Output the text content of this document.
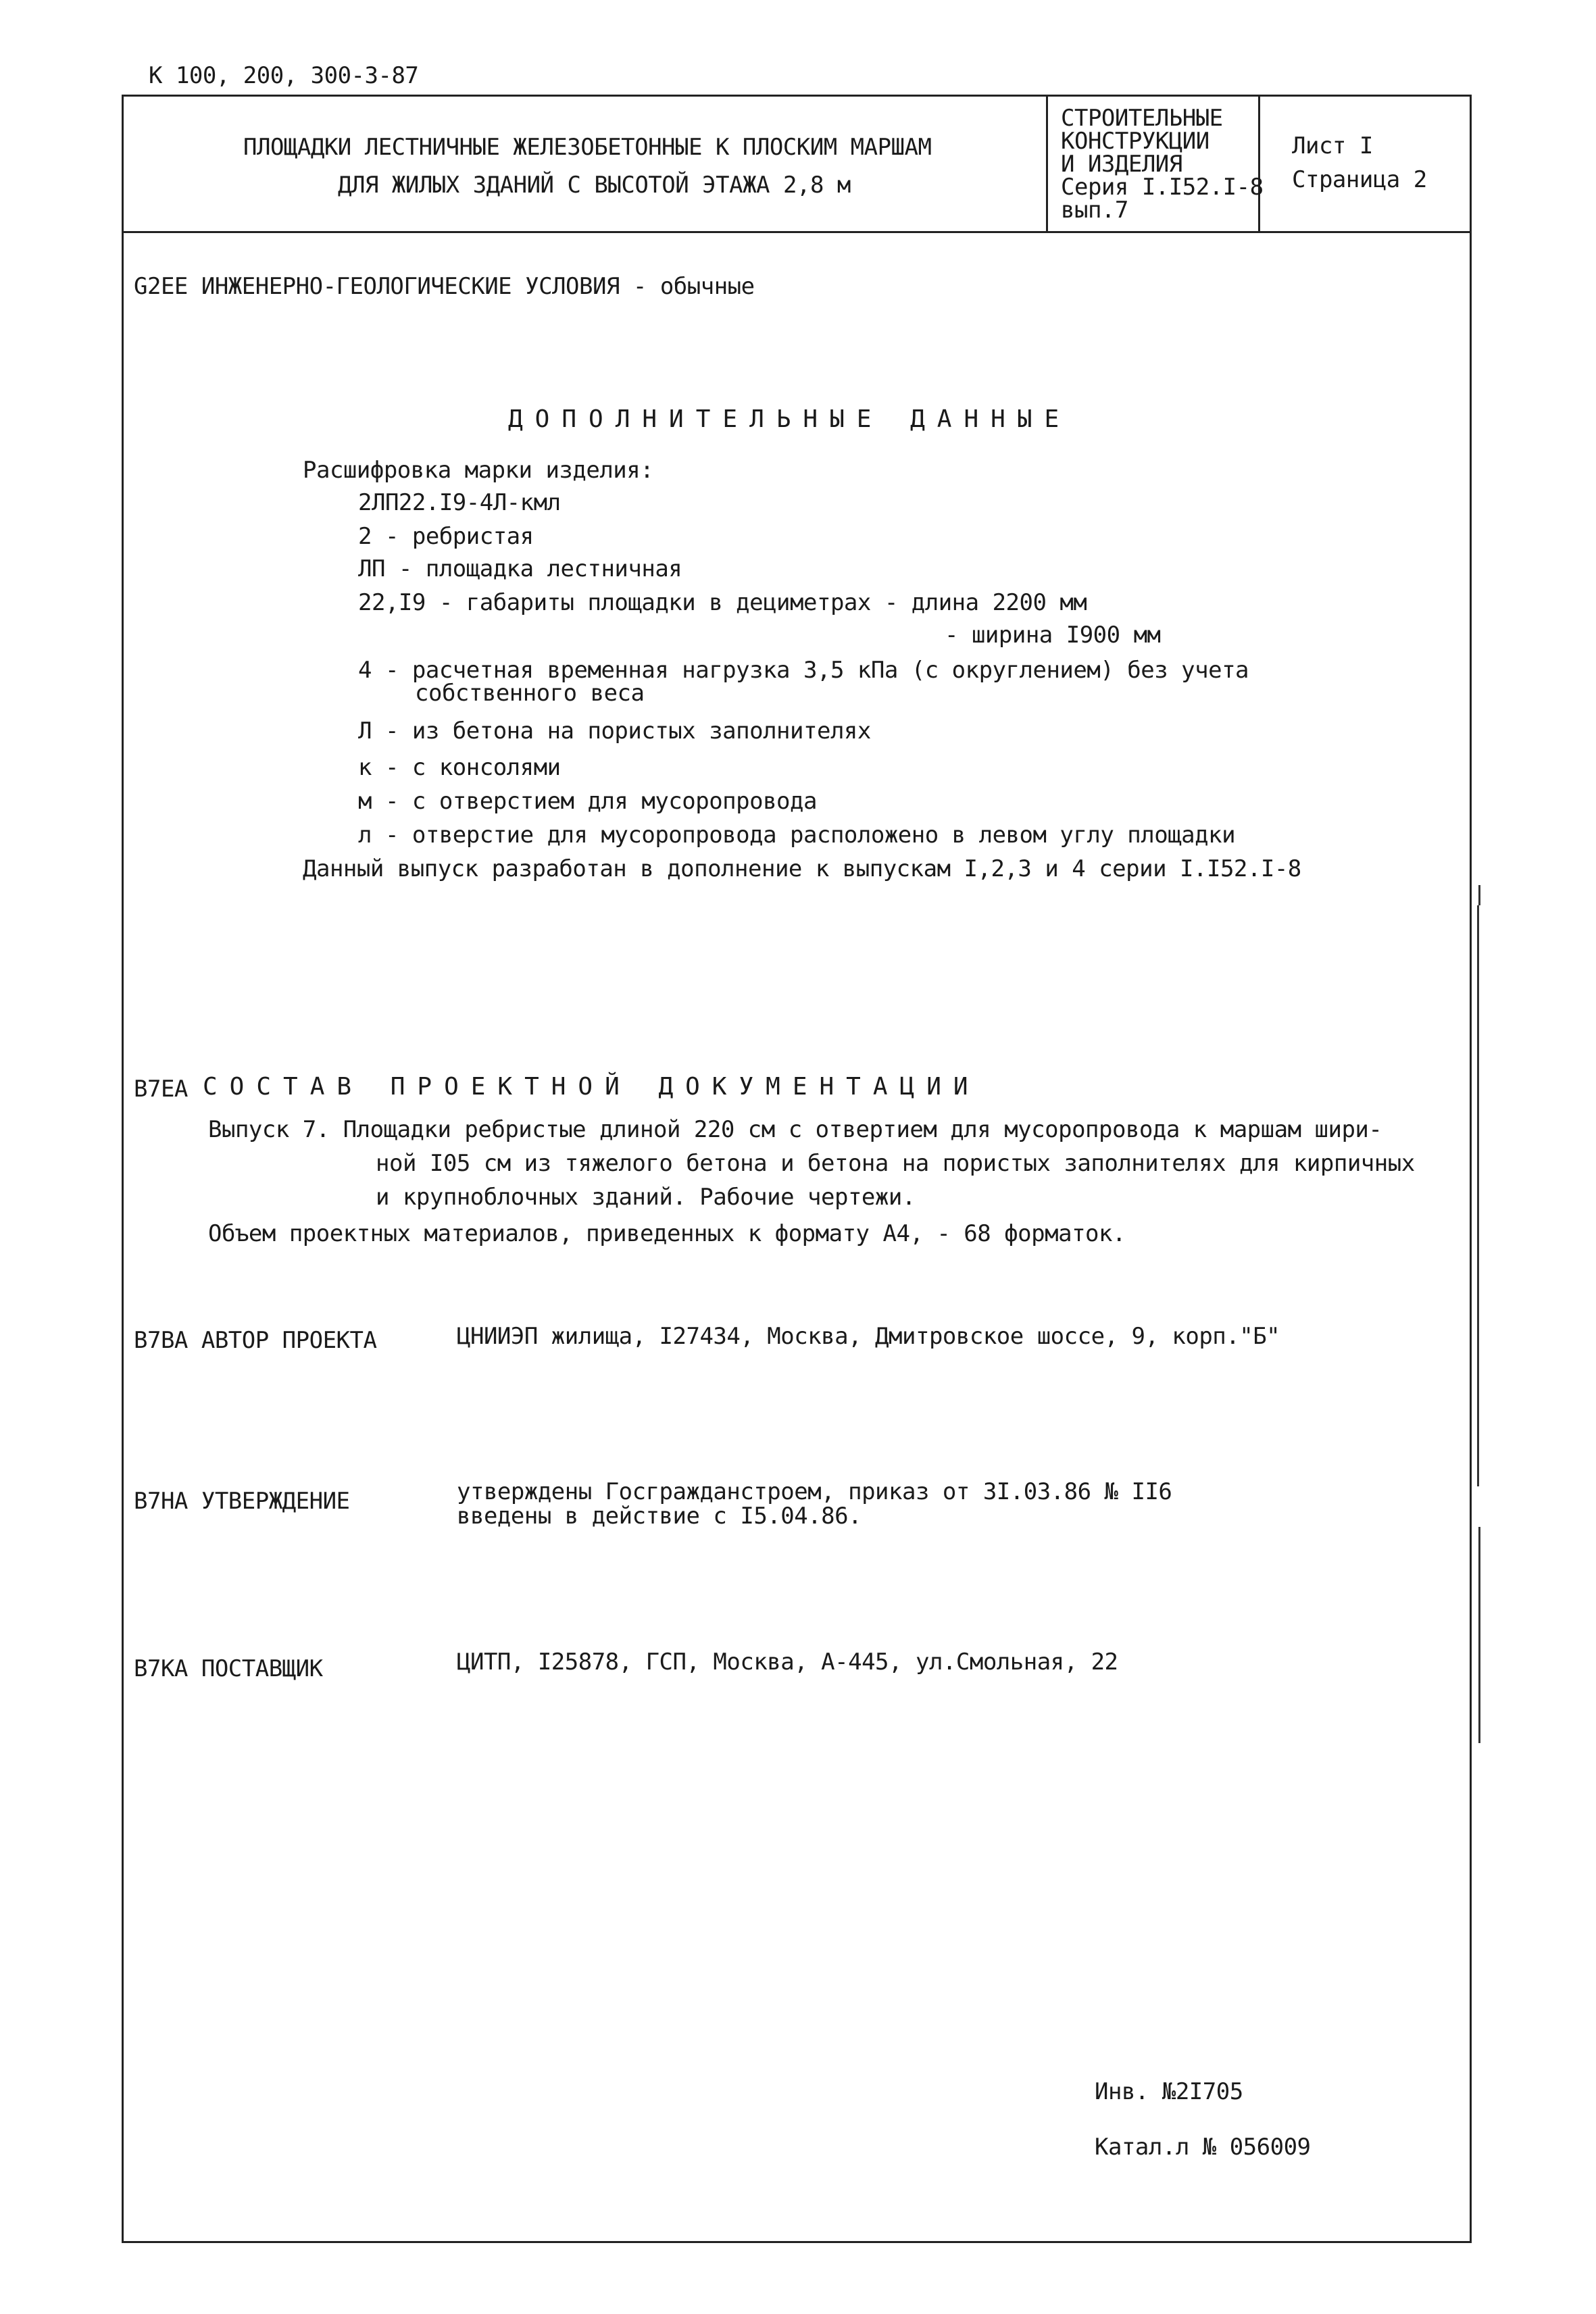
К 100, 200, 300-3-87
ПЛОЩАДКИ ЛЕСТНИЧНЫЕ ЖЕЛЕЗОБЕТОННЫЕ К ПЛОСКИМ МАРШАМ
ДЛЯ ЖИЛЫХ ЗДАНИЙ С ВЫСОТОЙ ЭТАЖА 2,8 м
СТРОИТЕЛЬНЫЕ
КОНСТРУКЦИИ
И ИЗДЕЛИЯ
Серия I.I52.I-8
вып.7
Лист I
Страница 2
G2EE ИНЖЕНЕРНО-ГЕОЛОГИЧЕСКИЕ УСЛОВИЯ - обычные
ДОПОЛНИТЕЛЬНЫЕ ДАННЫЕ
Расшифровка марки изделия:
2ЛП22.I9-4Л-кмл
2 - ребристая
ЛП - площадка лестничная
22,I9 - габариты площадки в дециметрах - длина 2200 мм
- ширина I900 мм
4 - расчетная временная нагрузка 3,5 кПа (с округлением) без учета
собственного веса
Л - из бетона на пористых заполнителях
к - с консолями
м - с отверстием для мусоропровода
л - отверстие для мусоропровода расположено в левом углу площадки
Данный выпуск разработан в дополнение к выпускам I,2,3 и 4 серии I.I52.I-8
B7EA СОСТАВ ПРОЕКТНОЙ ДОКУМЕНТАЦИИ
Выпуск 7. Площадки ребристые длиной 220 см с отвертием для мусоропровода к маршам шири-
ной I05 см из тяжелого бетона и бетона на пористых заполнителях для кирпичных
и крупноблочных зданий. Рабочие чертежи.
Объем проектных материалов, приведенных к формату А4, - 68 форматок.
B7BA АВТОР ПРОЕКТА	ЦНИИЭП жилища, I27434, Москва, Дмитровское шоссе, 9, корп."Б"
B7HA УТВЕРЖДЕНИЕ	утверждены Госгражданстроем, приказ от 3I.03.86 № II6
введены в действие с I5.04.86.
B7KA ПОСТАВЩИК	ЦИТП, I25878, ГСП, Москва, А-445, ул.Смольная, 22
Инв. №2I705
Катал.л № 056009
